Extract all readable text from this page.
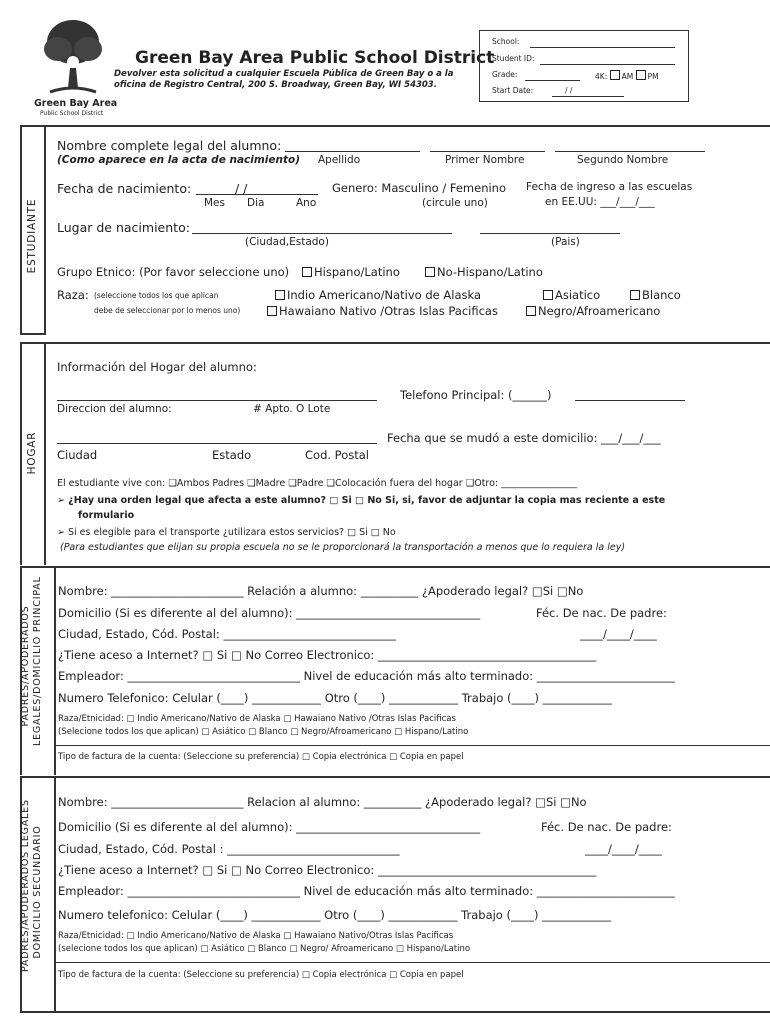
Green Bay Area
Public School District
Green Bay Area Public School District
Devolver esta solicitud a cualquier Escuela Pública de Green Bay o a la
oficina de Registro Central, 200 S. Broadway, Green Bay, WI 54303.
School:
Student ID:
Grade:	4K: AM PM
Start Date:	/ /
ESTUDIANTE
Nombre complete legal del alumno:
(Como aparece en la acta de nacimiento) Apellido	Primer Nombre	Segundo Nombre
Fecha de nacimiento:	/ /
Mes Dia	Ano
Genero: Masculino / Femenino
(circule uno)
Fecha de ingreso a las escuelas
en EE.UU: ___/___/___
Lugar de nacimiento:
(Ciudad,Estado)	(Pais)
Grupo Etnico: (Por favor seleccione uno)	Hispano/Latino	No-Hispano/Latino
Raza: (seleccione todos los que aplican
debe de seleccionar por lo menos uno)
Indio Americano/Nativo de Alaska	Asiatico	Blanco
Hawaiano Nativo /Otras Islas Pacificas	Negro/Afroamericano
HOGAR
Información del Hogar del alumno:
Telefono Principal: (______)
Direccion del alumno:	# Apto. O Lote
Fecha que se mudó a este domicilio: ___/___/___
Ciudad	Estado	Cod. Postal
El estudiante vive con: ❑Ambos Padres ❑Madre ❑Padre ❑Colocación fuera del hogar ❑Otro: ________________
➢ ¿Hay una orden legal que afecta a este alumno? □ Si □ No Si, si, favor de adjuntar la copia mas reciente a este
formulario
➢ Si es elegible para el transporte ¿utilizara estos servicios? □ Si □ No
(Para estudiantes que elijan su propia escuela no se le proporcionará la transportación a menos que lo requiera la ley)
PADRES/APODERADOS LEGALES/DOMICILIO PRINCIPAL Nombre: _______________________ Relación a alumno: __________ ¿Apoderado legal? □Si □No
Domicilio (Si es diferente al del alumno): ________________________________	Féc. De nac. De padre:
Ciudad, Estado, Cód. Postal: ______________________________	____/____/____
¿Tiene aceso a Internet? □ Si □ No Correo Electronico: ______________________________________
Empleador: ______________________________ Nivel de educación más alto terminado: ________________________
Numero Telefonico: Celular (____) ____________ Otro (____) ____________ Trabajo (____) ____________
Raza/Etnicidad: □ Indio Americano/Nativo de Alaska □ Hawaiano Nativo /Otras Islas Pacificas
(Selecione todos los que aplican) □ Asiático □ Blanco □ Negro/Afroamericano □ Hispano/Latino
Tipo de factura de la cuenta: (Seleccione su preferencia) □ Copia electrónica □ Copia en papel
PADRES/APODERADOS LEGALES DOMICILIO SECUNDARIO
Nombre: _______________________ Relacion al alumno: __________ ¿Apoderado legal? □Si □No
Domicilio (Si es diferente al del alumno): ________________________________	Féc. De nac. De padre:
Ciudad, Estado, Cód. Postal : ______________________________	____/____/____
¿Tiene aceso a Internet? □ Si □ No Correo Electronico: ______________________________________
Empleador: ______________________________ Nivel de educación más alto terminado: ________________________
Numero telefonico: Celular (____) ____________ Otro (____) ____________ Trabajo (____) ____________
Raza/Etnicidad: □ Indio Americano/Nativo de Alaska □ Hawaiano Nativo/Otras Islas Pacificas
(selecione todos los que aplican) □ Asiático □ Blanco □ Negro/ Afroamericano □ Hispano/Latino
Tipo de factura de la cuenta: (Seleccione su preferencia) □ Copia electrónica □ Copia en papel
